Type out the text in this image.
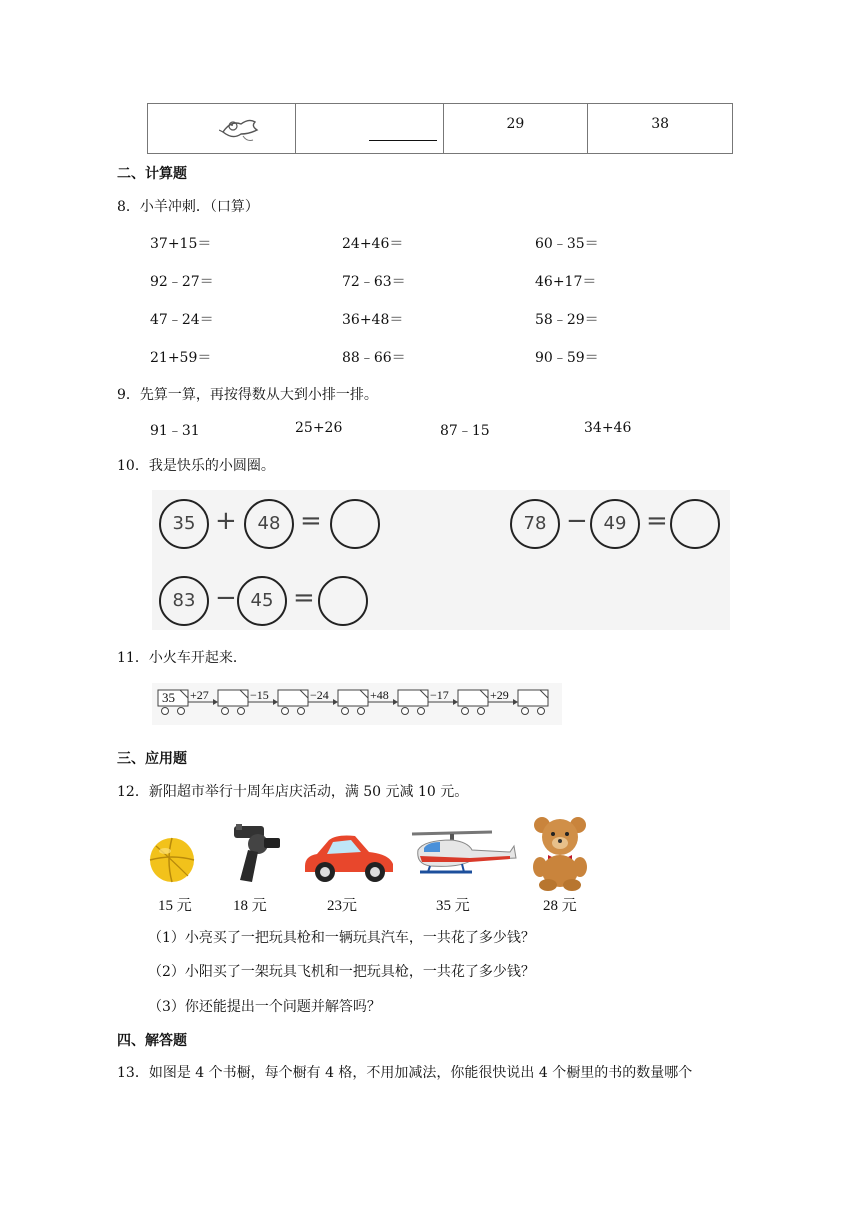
		29	38
二、计算题
8．小羊冲刺．（口算）
37+15＝	24+46＝	60﹣35＝
92﹣27＝	72﹣63＝	46+17＝
47﹣24＝	36+48＝	58﹣29＝
21+59＝	88﹣66＝	90﹣59＝
9．先算一算，再按得数从大到小排一排。
91﹣31	25+26	87﹣15	34+46
10．我是快乐的小圆圈。
35 +	48 =	78 − 49 =
83 − 45 =
11．小火车开起来．
35 +27	−15	−24	+48	−17	+29
三、应用题
12．新阳超市举行十周年店庆活动，满 50 元减 10 元。
15 元	18 元	23元	35 元	28 元
（1）小亮买了一把玩具枪和一辆玩具汽车，一共花了多少钱？
（2）小阳买了一架玩具飞机和一把玩具枪，一共花了多少钱？
（3）你还能提出一个问题并解答吗？
四、解答题
13．如图是 4 个书橱，每个橱有 4 格，不用加减法，你能很快说出 4 个橱里的书的数量哪个
